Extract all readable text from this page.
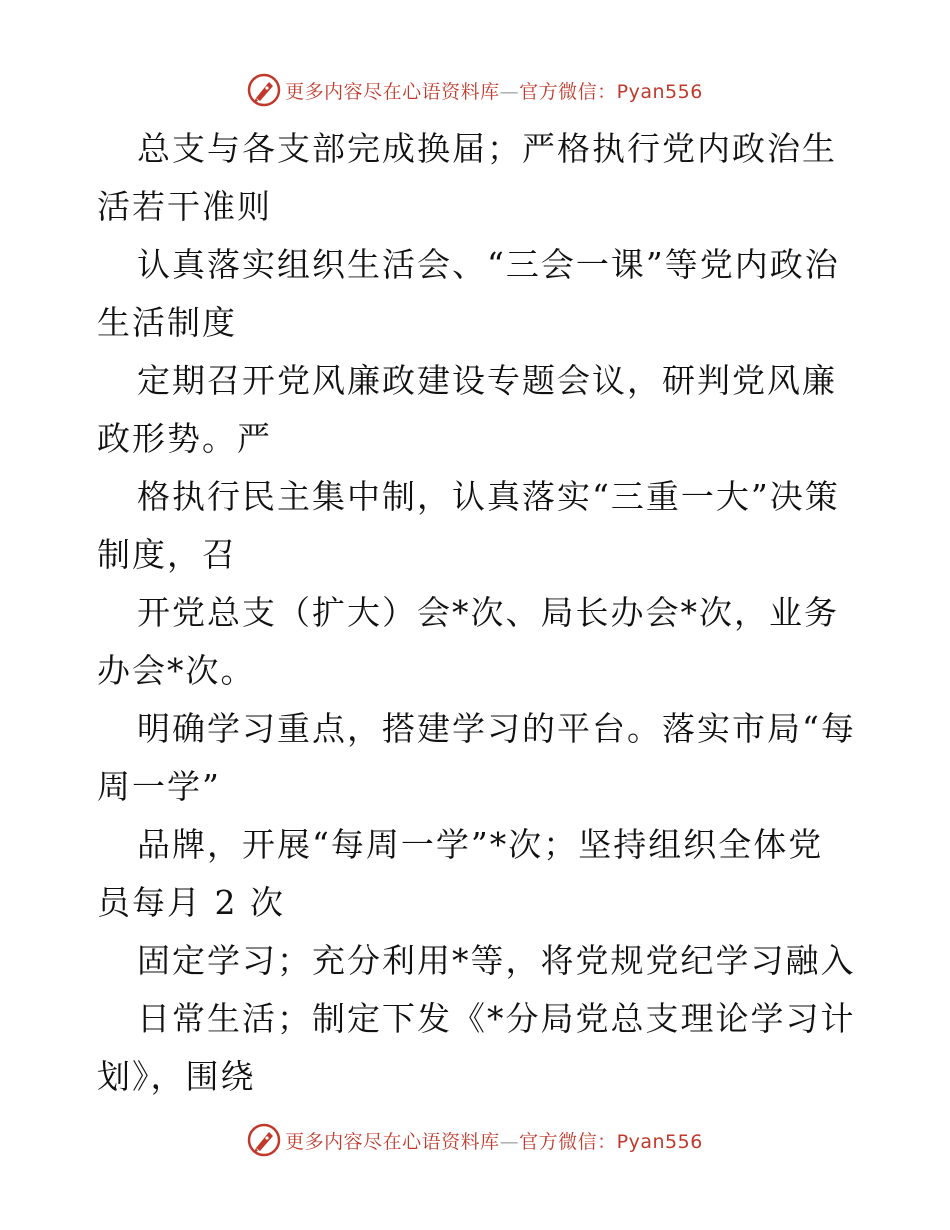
更多内容尽在心语资料库—官方微信：Pyan556

总支与各支部完成换届；严格执行党内政治生活若干准则

认真落实组织生活会、“三会一课”等党内政治生活制度

定期召开党风廉政建设专题会议，研判党风廉政形势。严

格执行民主集中制，认真落实“三重一大”决策制度，召

开党总支（扩大）会*次、局长办会*次，业务办会*次。

明确学习重点，搭建学习的平台。落实市局“每周一学”

品牌，开展“每周一学”*次；坚持组织全体党员每月 2 次

固定学习；充分利用*等，将党规党纪学习融入

日常生活；制定下发《*分局党总支理论学习计划》，围绕

更多内容尽在心语资料库—官方微信：Pyan556
